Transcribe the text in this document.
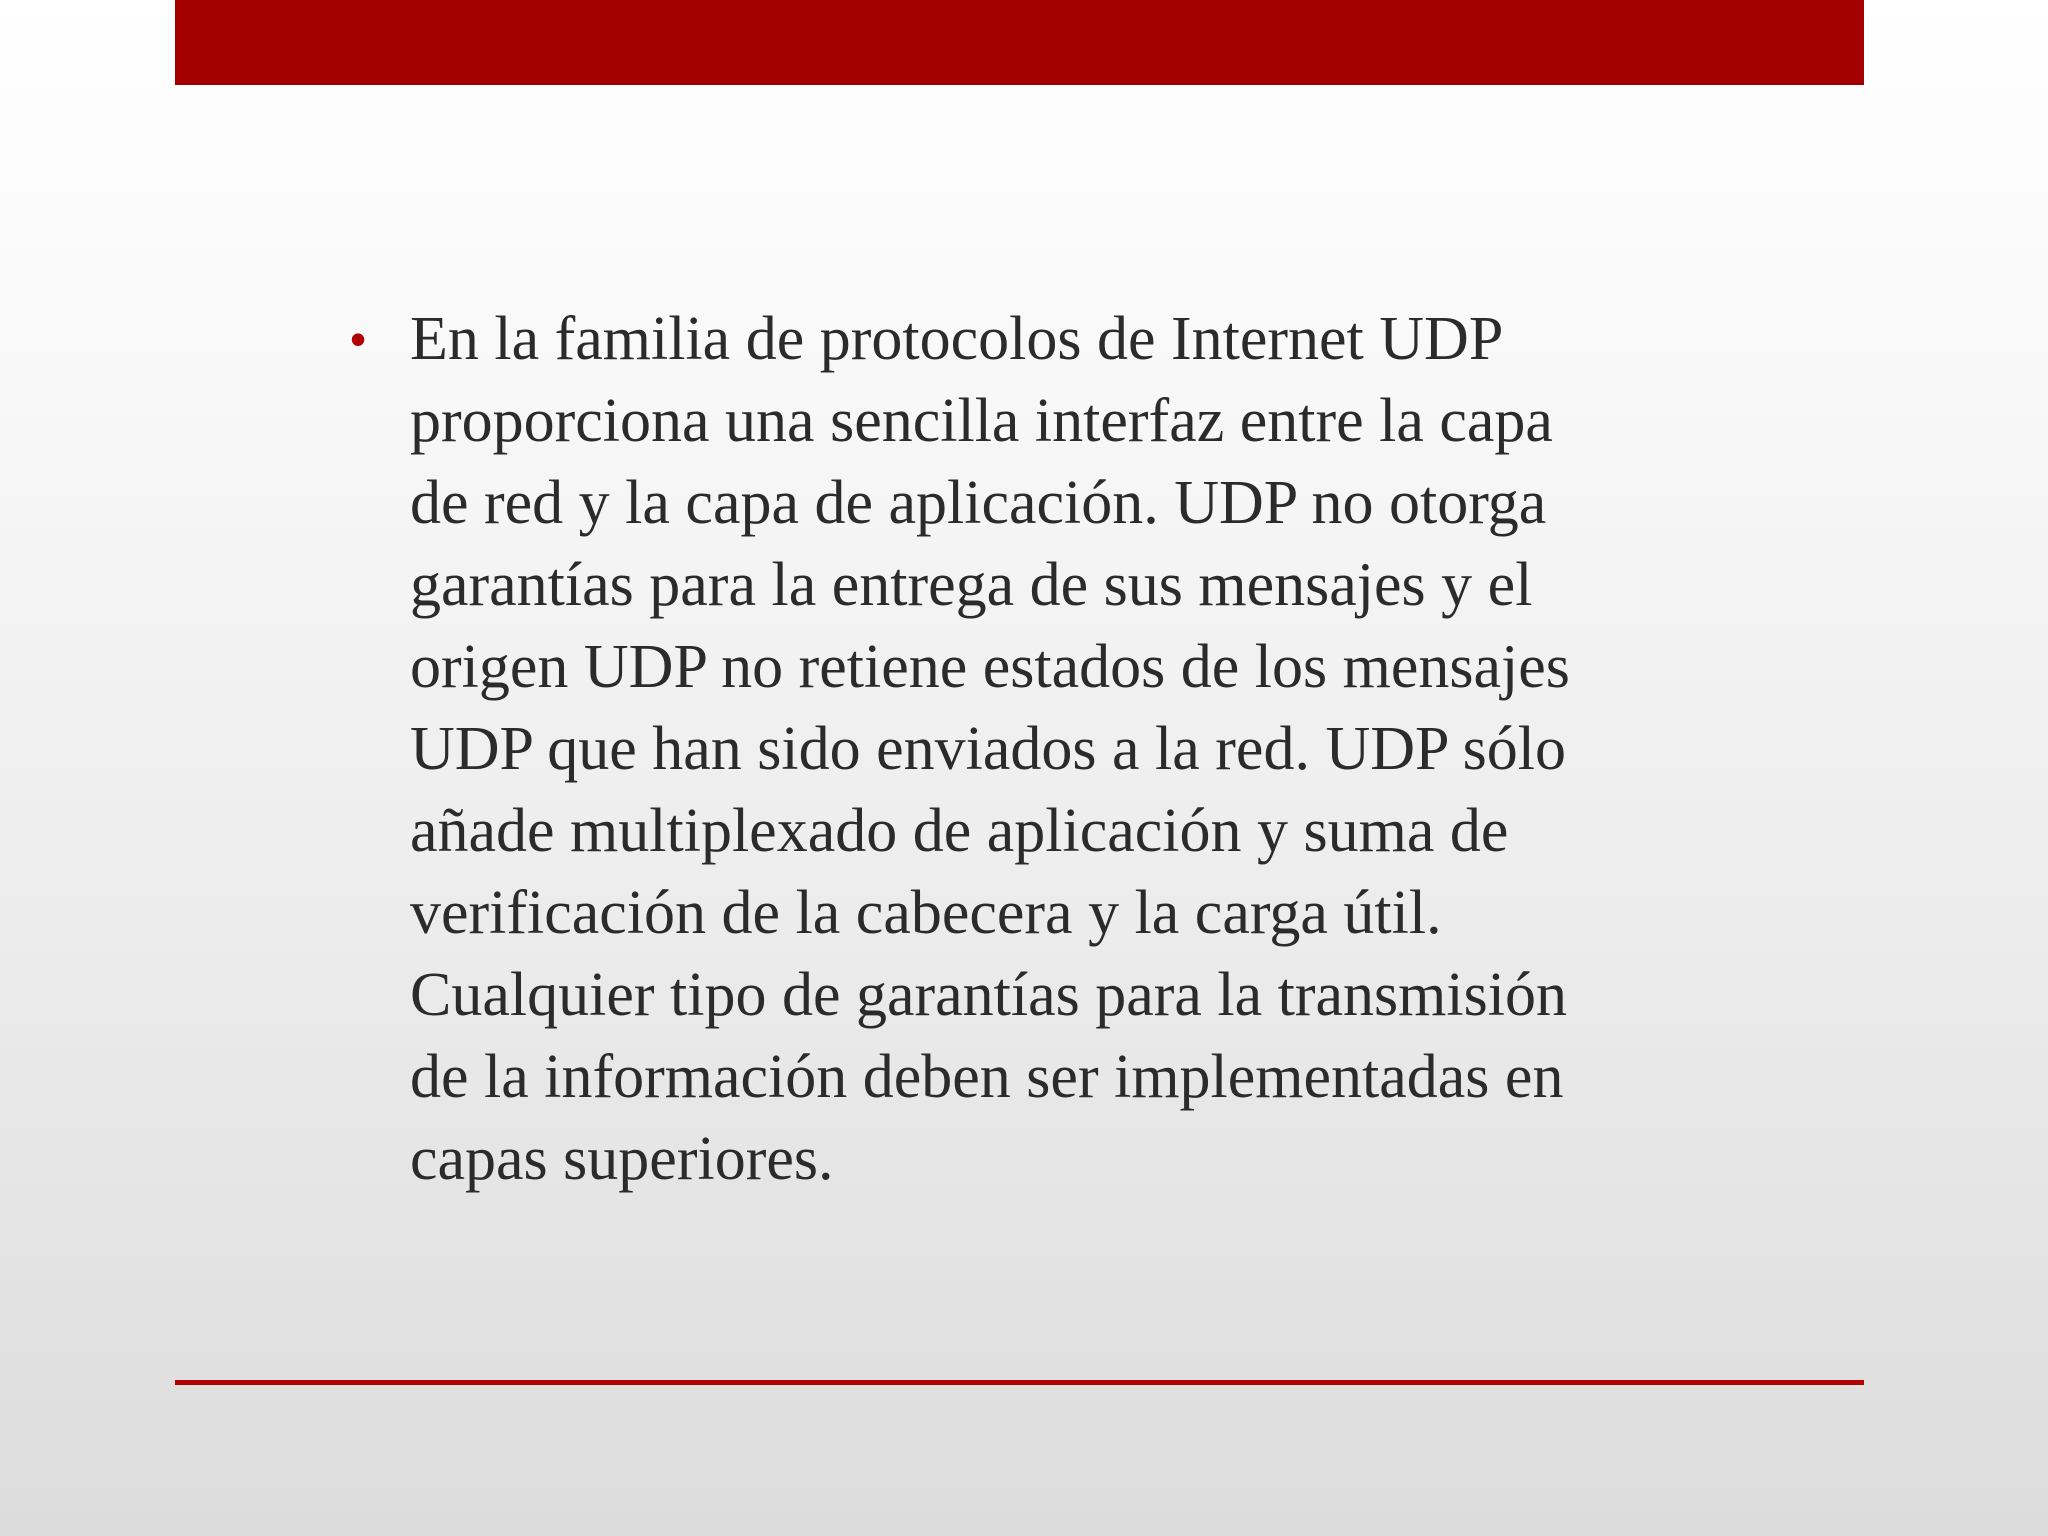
• En la familia de protocolos de Internet UDP
proporciona una sencilla interfaz entre la capa
de red y la capa de aplicación. UDP no otorga
garantías para la entrega de sus mensajes y el
origen UDP no retiene estados de los mensajes
UDP que han sido enviados a la red. UDP sólo
añade multiplexado de aplicación y suma de
verificación de la cabecera y la carga útil.
Cualquier tipo de garantías para la transmisión
de la información deben ser implementadas en
capas superiores.
